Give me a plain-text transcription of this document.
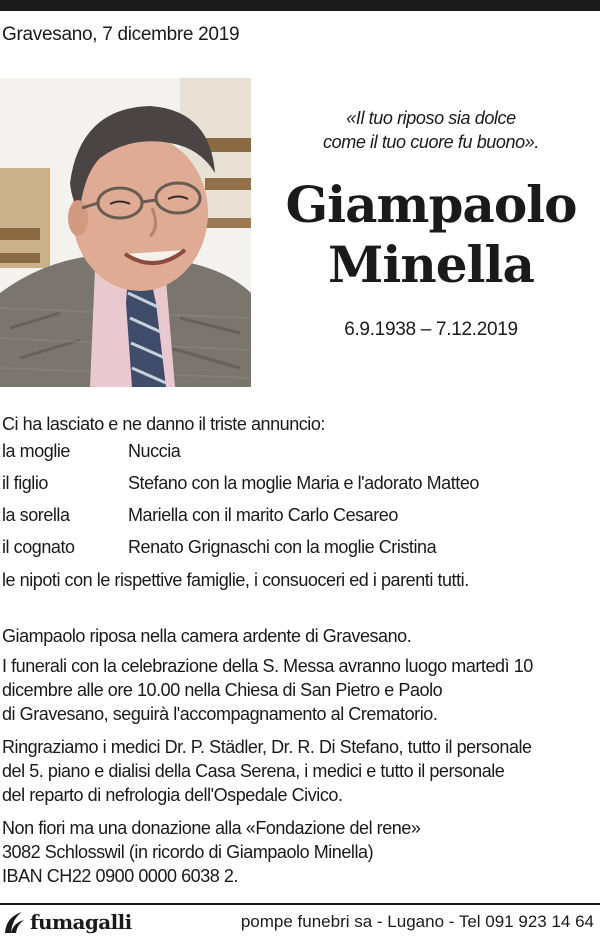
Gravesano, 7 dicembre 2019
«Il tuo riposo sia dolce
come il tuo cuore fu buono».
Giampaolo
Minella
6.9.1938 – 7.12.2019
Ci ha lasciato e ne danno il triste annuncio:
la moglie	Nuccia
il figlio	Stefano con la moglie Maria e l'adorato Matteo
la sorella	Mariella con il marito Carlo Cesareo
il cognato	Renato Grignaschi con la moglie Cristina
le nipoti con le rispettive famiglie, i consuoceri ed i parenti tutti.
Giampaolo riposa nella camera ardente di Gravesano.
I funerali con la celebrazione della S. Messa avranno luogo martedì 10
dicembre alle ore 10.00 nella Chiesa di San Pietro e Paolo
di Gravesano, seguirà l'accompagnamento al Crematorio.
Ringraziamo i medici Dr. P. Städler, Dr. R. Di Stefano, tutto il personale
del 5. piano e dialisi della Casa Serena, i medici e tutto il personale
del reparto di nefrologia dell'Ospedale Civico.
Non fiori ma una donazione alla «Fondazione del rene»
3082 Schlosswil (in ricordo di Giampaolo Minella)
IBAN CH22 0900 0000 6038 2.
fumagalli	pompe funebri sa - Lugano - Tel 091 923 14 64
